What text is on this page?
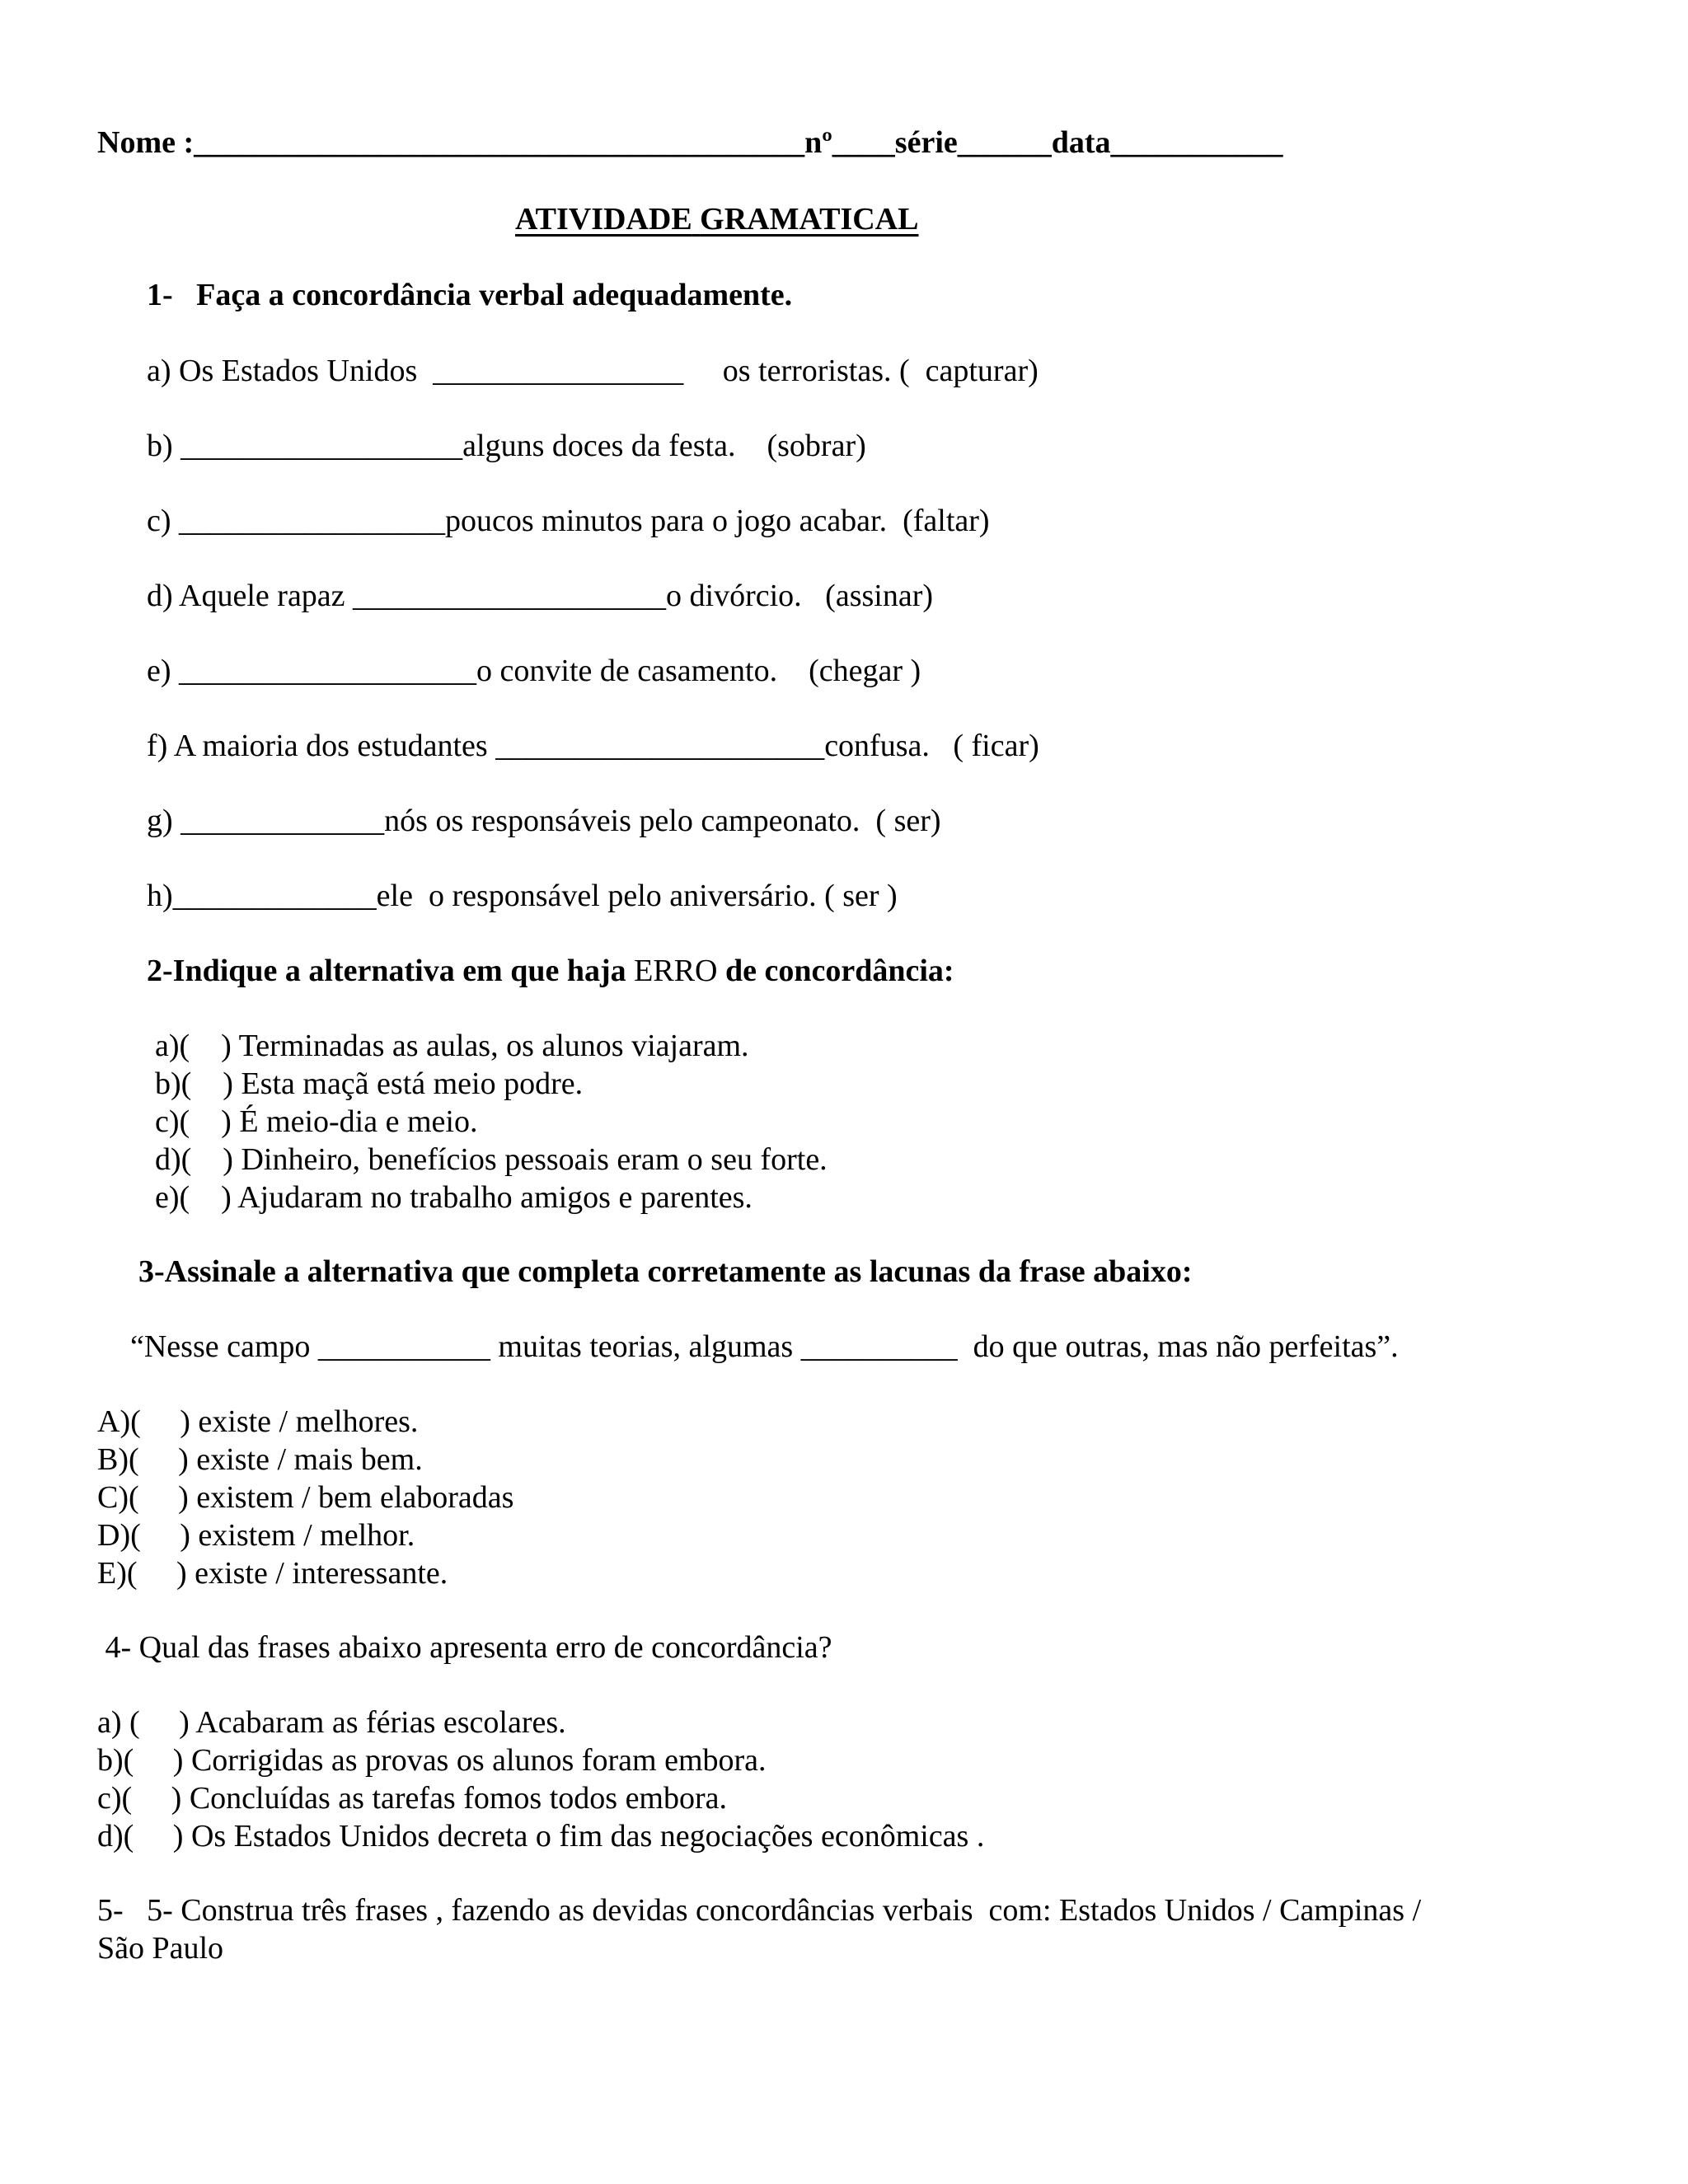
Nome :_______________________________________nº____série______data___________
ATIVIDADE GRAMATICAL
1-   Faça a concordância verbal adequadamente.
a) Os Estados Unidos  ________________     os terroristas. (  capturar)
b) __________________alguns doces da festa.    (sobrar)
c) _________________poucos minutos para o jogo acabar.  (faltar)
d) Aquele rapaz ____________________o divórcio.   (assinar)
e) ___________________o convite de casamento.    (chegar )
f) A maioria dos estudantes _____________________confusa.   ( ficar)
g) _____________nós os responsáveis pelo campeonato.  ( ser)
h)_____________ele  o responsável pelo aniversário. ( ser )
2-Indique a alternativa em que haja ERRO de concordância:
a)(    ) Terminadas as aulas, os alunos viajaram.
b)(    ) Esta maçã está meio podre.
c)(    ) É meio-dia e meio.
d)(    ) Dinheiro, benefícios pessoais eram o seu forte.
e)(    ) Ajudaram no trabalho amigos e parentes.
3-Assinale a alternativa que completa corretamente as lacunas da frase abaixo:
“Nesse campo ___________ muitas teorias, algumas __________  do que outras, mas não perfeitas”.
A)(     ) existe / melhores.
B)(     ) existe / mais bem.
C)(     ) existem / bem elaboradas
D)(     ) existem / melhor.
E)(     ) existe / interessante.
4- Qual das frases abaixo apresenta erro de concordância?
a) (     ) Acabaram as férias escolares.
b)(     ) Corrigidas as provas os alunos foram embora.
c)(     ) Concluídas as tarefas fomos todos embora.
d)(     ) Os Estados Unidos decreta o fim das negociações econômicas .
5-   5- Construa três frases , fazendo as devidas concordâncias verbais  com: Estados Unidos / Campinas /
São Paulo
